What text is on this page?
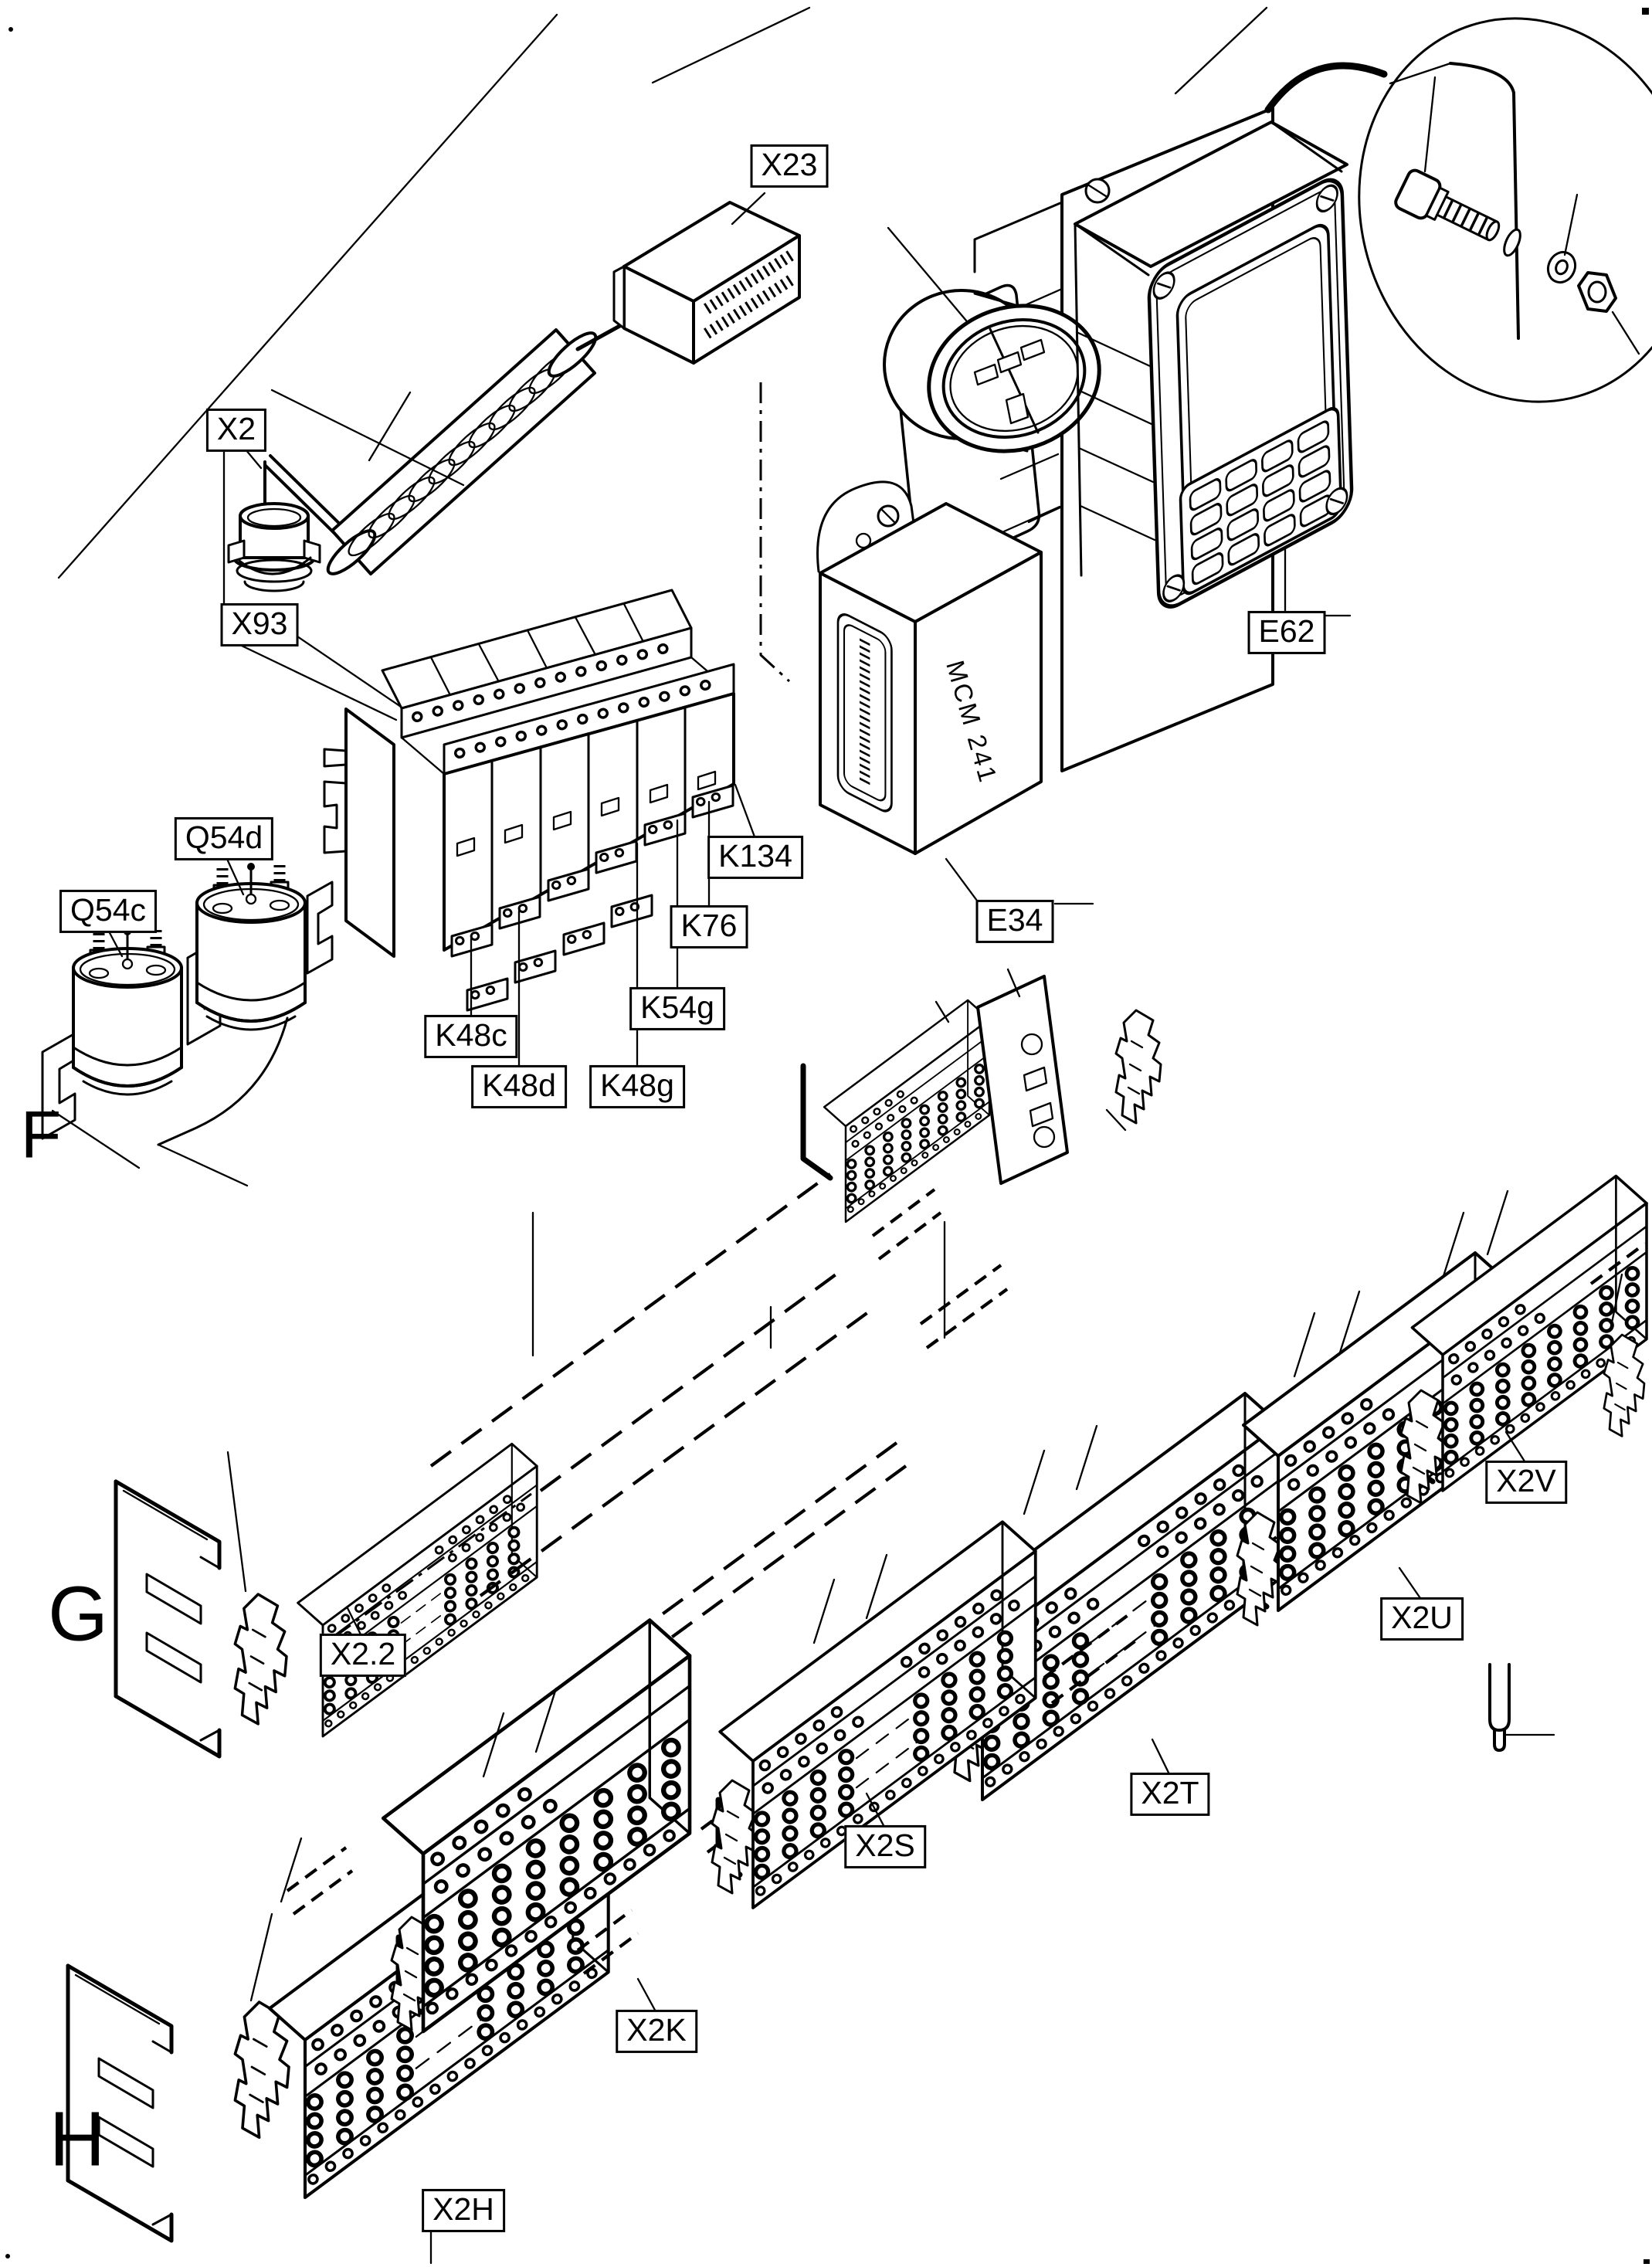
X23
X2
X93	E62
E34
Q54c
Q54d
K48c
K48d	K48g
K54g
K76
K134
X2.2
X2T
X2U
X2V
X2S
X2K
X2H
F
G
H
MCM 241
